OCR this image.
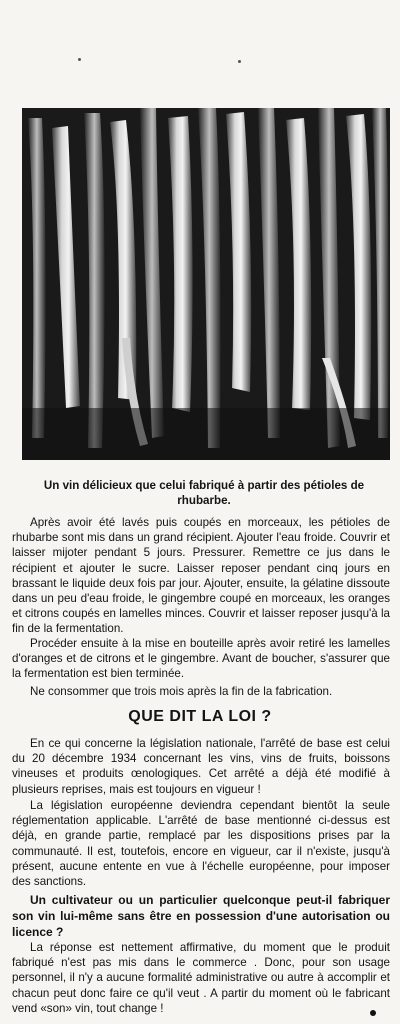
Un vin délicieux que celui fabriqué à partir des pétioles de rhubarbe.

Après avoir été lavés puis coupés en morceaux, les pétioles de rhubarbe sont mis dans un grand récipient. Ajouter l'eau froide. Couvrir et laisser mijoter pendant 5 jours. Pressurer. Remettre ce jus dans le récipient et ajouter le sucre. Laisser reposer pendant cinq jours en brassant le liquide deux fois par jour. Ajouter, ensuite, la gélatine dissoute dans un peu d'eau froide, le gingembre coupé en morceaux, les oranges et citrons coupés en lamelles minces. Couvrir et laisser reposer jusqu'à la fin de la fermentation.

Procéder ensuite à la mise en bouteille après avoir retiré les lamelles d'oranges et de citrons et le gingembre. Avant de boucher, s'assurer que la fermentation est bien terminée.

Ne consommer que trois mois après la fin de la fabrication.

QUE DIT LA LOI ?

En ce qui concerne la législation nationale, l'arrêté de base est celui du 20 décembre 1934 concernant les vins, vins de fruits, boissons vineuses et produits œnologiques. Cet arrêté a déjà été modifié à plusieurs reprises, mais est toujours en vigueur !

La législation européenne deviendra cependant bientôt la seule réglementation applicable. L'arrêté de base mentionné ci-dessus est déjà, en grande partie, remplacé par les dispositions prises par la communauté. Il est, toutefois, encore en vigueur, car il n'existe, jusqu'à présent, aucune entente en vue à l'échelle européenne, pour imposer des sanctions.

Un cultivateur ou un particulier quelconque peut-il fabriquer son vin lui-même sans être en possession d'une autorisation ou licence ?

La réponse est nettement affirmative, du moment que le produit fabriqué n'est pas mis dans le commerce . Donc, pour son usage personnel, il n'y a aucune formalité administrative ou autre à accomplir et chacun peut donc faire ce qu'il veut . A partir du moment où le fabricant vend «son» vin, tout change !
